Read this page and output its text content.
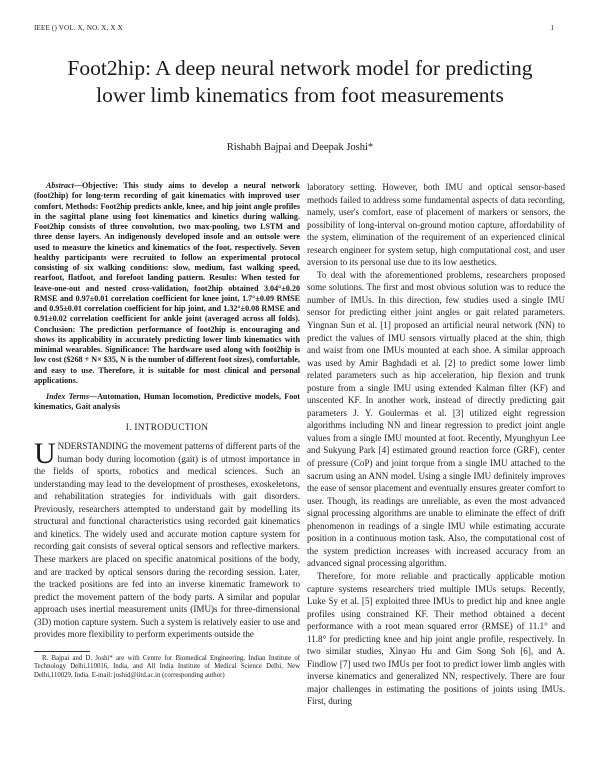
IEEE () VOL. X, NO. X, X X	1
Foot2hip: A deep neural network model for predicting lower limb kinematics from foot measurements
Rishabh Bajpai and Deepak Joshi*

Abstract—Objective: This study aims to develop a neural network (foot2hip) for long-term recording of gait kinematics with improved user comfort. Methods: Foot2hip predicts ankle, knee, and hip joint angle profiles in the sagittal plane using foot kinematics and kinetics during walking. Foot2hip consists of three convolution, two max-pooling, two LSTM and three dense layers. An indigenously developed insole and an outsole were used to measure the kinetics and kinematics of the foot, respectively. Seven healthy participants were recruited to follow an experimental protocol consisting of six walking conditions: slow, medium, fast walking speed, rearfoot, flatfoot, and forefoot landing pattern. Results: When tested for leave-one-out and nested cross-validation, foot2hip obtained 3.04°±0.20 RMSE and 0.97±0.01 correlation coefficient for knee joint, 1.7°±0.09 RMSE and 0.95±0.01 correlation coefficient for hip joint, and 1.32°±0.08 RMSE and 0.91±0.02 correlation coefficient for ankle joint (averaged across all folds). Conclusion: The prediction performance of foot2hip is encouraging and shows its applicability in accurately predicting lower limb kinematics with minimal wearables. Significance: The hardware used along with foot2hip is low cost ($268 + N× $35, N is the number of different foot sizes), comfortable, and easy to use. Therefore, it is suitable for most clinical and personal applications.

Index Terms—Automation, Human locomotion, Predictive models, Foot kinematics, Gait analysis

I. INTRODUCTION

UNDERSTANDING the movement patterns of different parts of the human body during locomotion (gait) is of utmost importance in the fields of sports, robotics and medical sciences. Such an understanding may lead to the development of prostheses, exoskeletons, and rehabilitation strategies for individuals with gait disorders. Previously, researchers attempted to understand gait by modelling its structural and functional characteristics using recorded gait kinematics and kinetics. The widely used and accurate motion capture system for recording gait consists of several optical sensors and reflective markers. These markers are placed on specific anatomical positions of the body, and are tracked by optical sensors during the recording session. Later, the tracked positions are fed into an inverse kinematic framework to predict the movement pattern of the body parts. A similar and popular approach uses inertial measurement units (IMU)s for three-dimensional (3D) motion capture system. Such a system is relatively easier to use and provides more flexibility to perform experiments outside the

R. Bajpai and D. Joshi* are with Centre for Biomedical Engineering, Indian Institute of Technology Delhi,110016, India, and All India Institute of Medical Science Delhi, New Delhi,110029, India. E-mail: joshid@iitd.ac.in (corresponding author)

laboratory setting. However, both IMU and optical sensor-based methods failed to address some fundamental aspects of data recording, namely, user's comfort, ease of placement of markers or sensors, the possibility of long-interval on-ground motion capture, affordability of the system, elimination of the requirement of an experienced clinical research engineer for system setup, high computational cost, and user aversion to its personal use due to its low aesthetics.

To deal with the aforementioned problems, researchers proposed some solutions. The first and most obvious solution was to reduce the number of IMUs. In this direction, few studies used a single IMU sensor for predicting either joint angles or gait related parameters. Yingnan Sun et al. [1] proposed an artificial neural network (NN) to predict the values of IMU sensors virtually placed at the shin, thigh and waist from one IMUs mounted at each shoe. A similar approach was used by Amir Baghdadi et al. [2] to predict some lower limb related parameters such as hip acceleration, hip flexion and trunk posture from a single IMU using extended Kalman filter (KF) and unscented KF. In another work, instead of directly predicting gait parameters J. Y. Goulermas et al. [3] utilized eight regression algorithms including NN and linear regression to predict joint angle values from a single IMU mounted at foot. Recently, Myunghyun Lee and Sukyung Park [4] estimated ground reaction force (GRF), center of pressure (CoP) and joint torque from a single IMU attached to the sacrum using an ANN model. Using a single IMU definitely improves the ease of sensor placement and eventually ensures greater comfort to user. Though, its readings are unreliable, as even the most advanced signal processing algorithms are unable to eliminate the effect of drift phenomenon in readings of a single IMU while estimating accurate position in a continuous motion task. Also, the computational cost of the system prediction increases with increased accuracy from an advanced signal processing algorithm.

Therefore, for more reliable and practically applicable motion capture systems researchers tried multiple IMUs setups. Recently, Luke Sy et al. [5] exploited three IMUs to predict hip and knee angle profiles using constrained KF. Their method obtained a decent performance with a root mean squared error (RMSE) of 11.1° and 11.8° for predicting knee and hip joint angle profile, respectively. In two similar studies, Xinyao Hu and Gim Song Soh [6], and A. Findlow [7] used two IMUs per foot to predict lower limb angles with inverse kinematics and generalized NN, respectively. There are four major challenges in estimating the positions of joints using IMUs. First, during
